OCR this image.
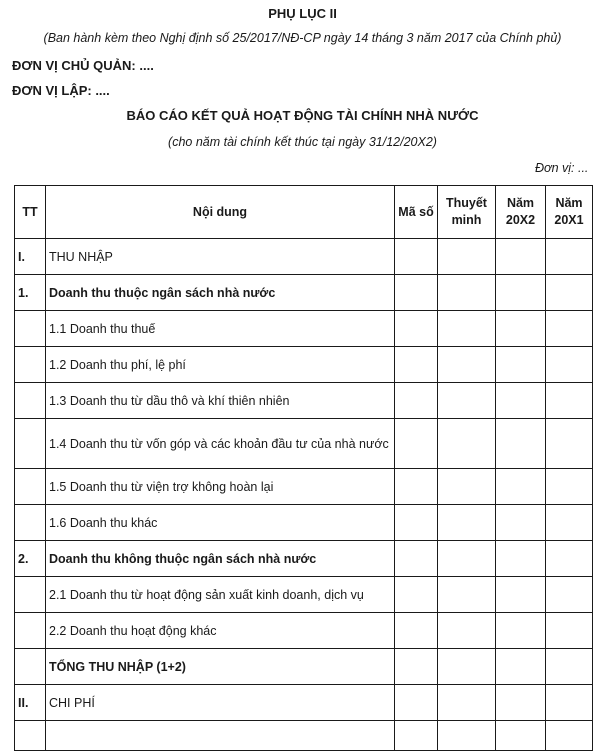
PHỤ LỤC II
(Ban hành kèm theo Nghị định số 25/2017/NĐ-CP ngày 14 tháng 3 năm 2017 của Chính phủ)
ĐƠN VỊ CHỦ QUẢN: ....
ĐƠN VỊ LẬP: ....
BÁO CÁO KẾT QUẢ HOẠT ĐỘNG TÀI CHÍNH NHÀ NƯỚC
(cho năm tài chính kết thúc tại ngày 31/12/20X2)
Đơn vị: ...
TT	Nội dung	Mã số	Thuyết minh	Năm 20X2	Năm 20X1
I.	THU NHẬP				
1.	Doanh thu thuộc ngân sách nhà nước				
	1.1 Doanh thu thuế				
	1.2 Doanh thu phí, lệ phí				
	1.3 Doanh thu từ dầu thô và khí thiên nhiên				
	1.4 Doanh thu từ vốn góp và các khoản đầu tư của nhà nước				
	1.5 Doanh thu từ viện trợ không hoàn lại				
	1.6 Doanh thu khác				
2.	Doanh thu không thuộc ngân sách nhà nước				
	2.1 Doanh thu từ hoạt động sản xuất kinh doanh, dịch vụ				
	2.2 Doanh thu hoạt động khác				
	TỔNG THU NHẬP (1+2)				
II.	CHI PHÍ				
